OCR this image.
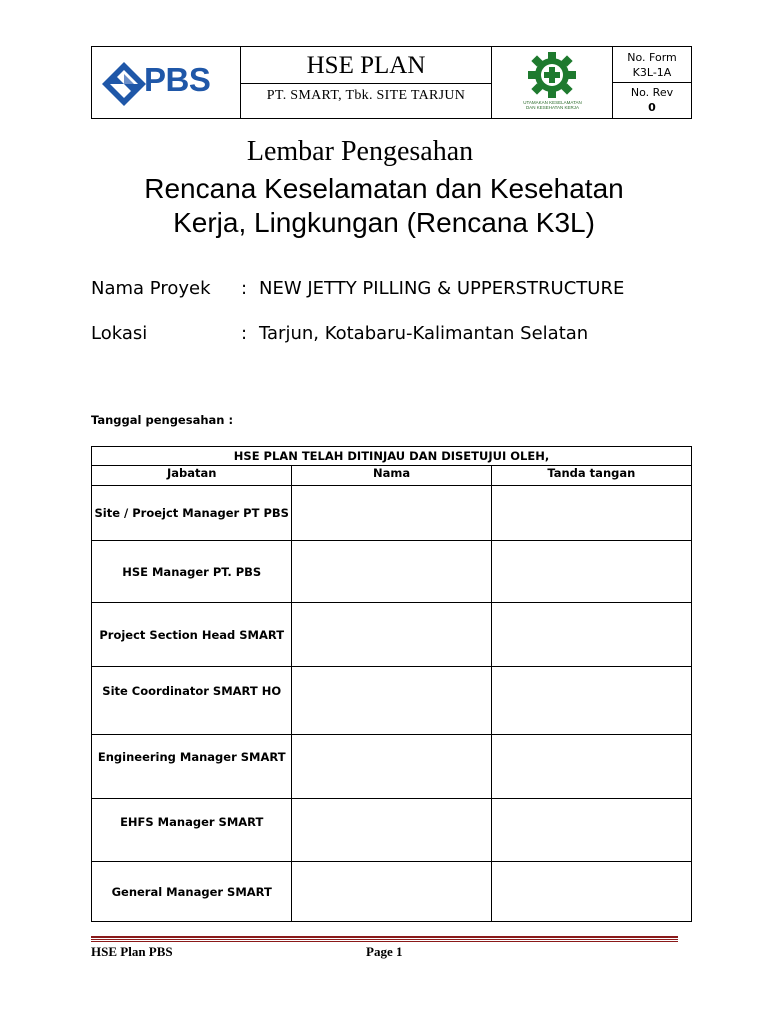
PBS	HSE PLAN
PT. SMART, Tbk. SITE TARJUN	UTAMAKAN KESELAMATAN
DAN KESEHATAN KERJA
No. Form
K3L-1A
No. Rev
0
Lembar Pengesahan
Rencana Keselamatan dan Kesehatan
Kerja, Lingkungan (Rencana K3L)
Nama Proyek : NEW JETTY PILLING & UPPERSTRUCTURE
Lokasi	: Tarjun, Kotabaru-Kalimantan Selatan
Tanggal pengesahan :
HSE PLAN TELAH DITINJAU DAN DISETUJUI OLEH,		
Jabatan	Nama	Tanda tangan
Site / Proejct Manager PT PBS		
HSE Manager PT. PBS		
Project Section Head SMART		
Site Coordinator SMART HO		
Engineering Manager SMART		
EHFS Manager SMART		
General Manager SMART		
HSE Plan PBS	Page 1
